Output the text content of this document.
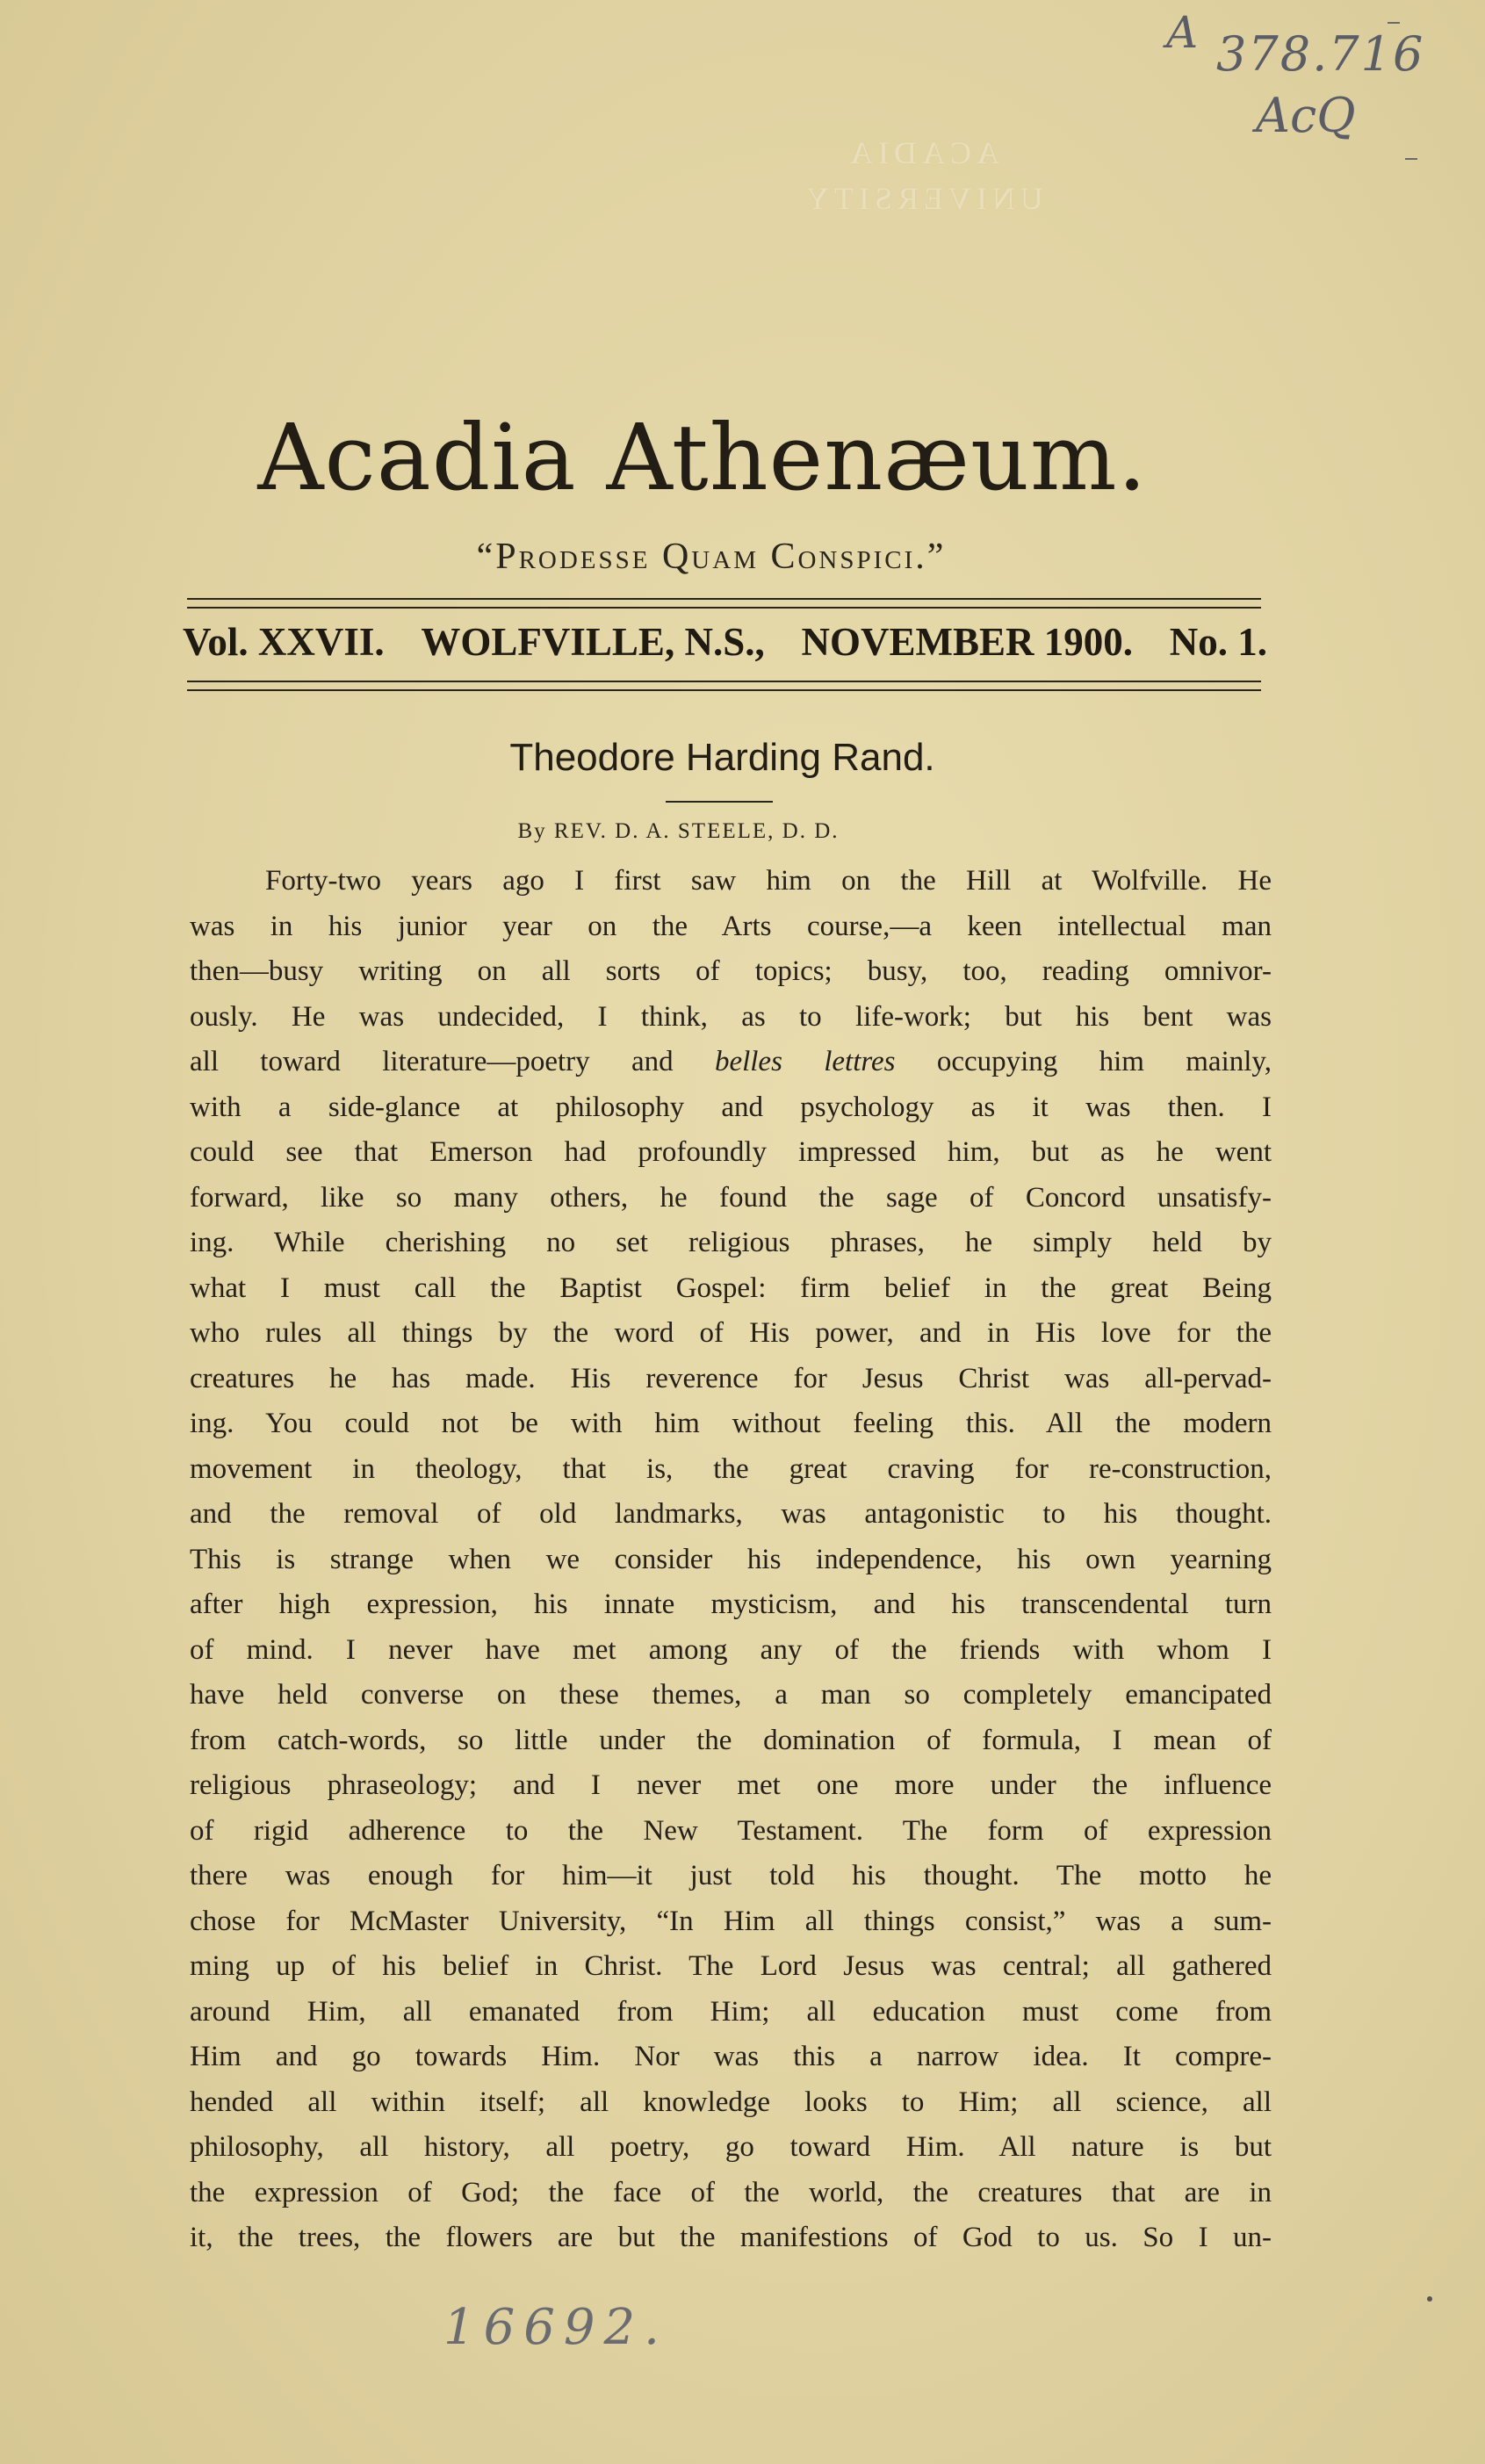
A 378.716
AcQ
ACADIA
UNIVERSITY
Acadia Athenæum.
“Prodesse Quam Conspici.”
Vol. XXVII. WOLFVILLE, N.S., NOVEMBER 1900. No. 1.
Theodore Harding Rand.
By REV. D. A. STEELE, D. D.
Forty-two years ago I first saw him on the Hill at Wolfville. He
was in his junior year on the Arts course,—a keen intellectual man
then—busy writing on all sorts of topics; busy, too, reading omnivor-
ously. He was undecided, I think, as to life-work; but his bent was
all toward literature—poetry and belles lettres occupying him mainly,
with a side-glance at philosophy and psychology as it was then. I
could see that Emerson had profoundly impressed him, but as he went
forward, like so many others, he found the sage of Concord unsatisfy-
ing. While cherishing no set religious phrases, he simply held by
what I must call the Baptist Gospel: firm belief in the great Being
who rules all things by the word of His power, and in His love for the
creatures he has made. His reverence for Jesus Christ was all-pervad-
ing. You could not be with him without feeling this. All the modern
movement in theology, that is, the great craving for re-construction,
and the removal of old landmarks, was antagonistic to his thought.
This is strange when we consider his independence, his own yearning
after high expression, his innate mysticism, and his transcendental turn
of mind. I never have met among any of the friends with whom I
have held converse on these themes, a man so completely emancipated
from catch-words, so little under the domination of formula, I mean of
religious phraseology; and I never met one more under the influence
of rigid adherence to the New Testament. The form of expression
there was enough for him—it just told his thought. The motto he
chose for McMaster University, “In Him all things consist,” was a sum-
ming up of his belief in Christ. The Lord Jesus was central; all gathered
around Him, all emanated from Him; all education must come from
Him and go towards Him. Nor was this a narrow idea. It compre-
hended all within itself; all knowledge looks to Him; all science, all
philosophy, all history, all poetry, go toward Him. All nature is but
the expression of God; the face of the world, the creatures that are in
it, the trees, the flowers are but the manifestions of God to us. So I un-
16692.
